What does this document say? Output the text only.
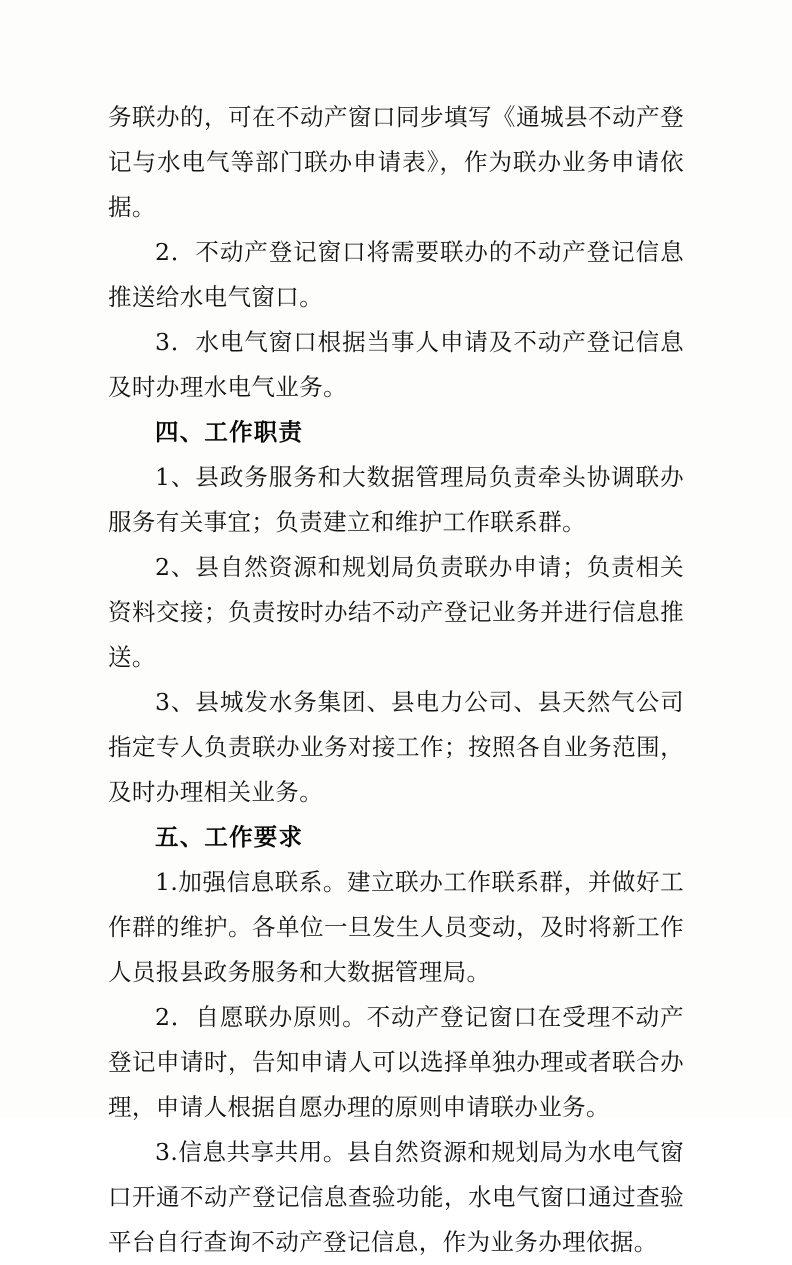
务联办的，可在不动产窗口同步填写《通城县不动产登记与水电气等部门联办申请表》，作为联办业务申请依据。

2．不动产登记窗口将需要联办的不动产登记信息推送给水电气窗口。

3．水电气窗口根据当事人申请及不动产登记信息及时办理水电气业务。

四、工作职责

1、县政务服务和大数据管理局负责牵头协调联办服务有关事宜；负责建立和维护工作联系群。

2、县自然资源和规划局负责联办申请；负责相关资料交接；负责按时办结不动产登记业务并进行信息推送。

3、县城发水务集团、县电力公司、县天然气公司指定专人负责联办业务对接工作；按照各自业务范围，及时办理相关业务。

五、工作要求

1.加强信息联系。建立联办工作联系群，并做好工作群的维护。各单位一旦发生人员变动，及时将新工作人员报县政务服务和大数据管理局。

2．自愿联办原则。不动产登记窗口在受理不动产登记申请时，告知申请人可以选择单独办理或者联合办理，申请人根据自愿办理的原则申请联办业务。

3.信息共享共用。县自然资源和规划局为水电气窗口开通不动产登记信息查验功能，水电气窗口通过查验平台自行查询不动产登记信息，作为业务办理依据。
